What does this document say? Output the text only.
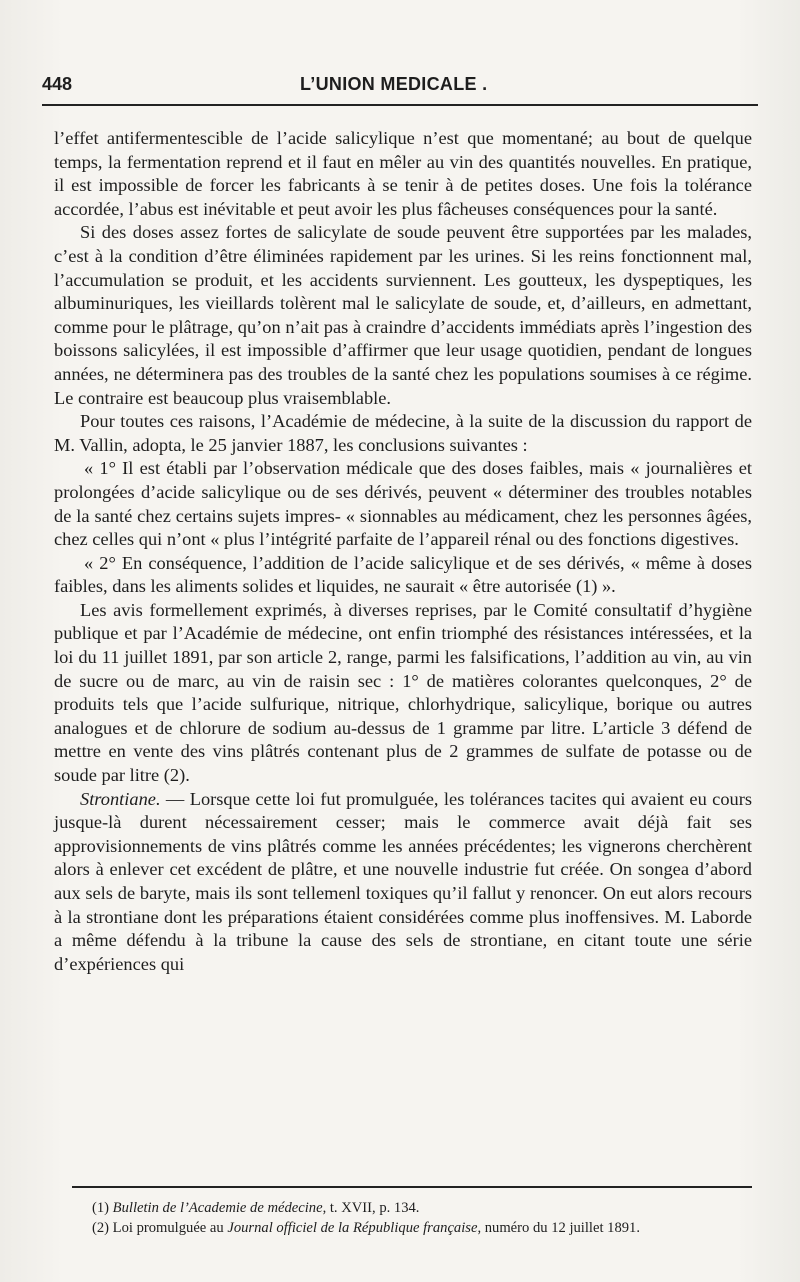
448	L’UNION MEDICALE .

l’effet antifermentescible de l’acide salicylique n’est que momentané; au bout de quelque temps, la fermentation reprend et il faut en mêler au vin des quantités nouvelles. En pratique, il est impossible de forcer les fabricants à se tenir à de petites doses. Une fois la tolérance accordée, l’abus est inévitable et peut avoir les plus fâcheuses conséquences pour la santé.

Si des doses assez fortes de salicylate de soude peuvent être supportées par les malades, c’est à la condition d’être éliminées rapidement par les urines. Si les reins fonctionnent mal, l’accumulation se produit, et les accidents surviennent. Les goutteux, les dyspeptiques, les albuminuriques, les vieillards tolèrent mal le salicylate de soude, et, d’ailleurs, en admettant, comme pour le plâtrage, qu’on n’ait pas à craindre d’accidents immédiats après l’ingestion des boissons salicylées, il est impossible d’affirmer que leur usage quotidien, pendant de longues années, ne déterminera pas des troubles de la santé chez les populations soumises à ce régime. Le contraire est beaucoup plus vraisemblable.

Pour toutes ces raisons, l’Académie de médecine, à la suite de la discussion du rapport de M. Vallin, adopta, le 25 janvier 1887, les conclusions suivantes :

« 1° Il est établi par l’observation médicale que des doses faibles, mais « journalières et prolongées d’acide salicylique ou de ses dérivés, peuvent « déterminer des troubles notables de la santé chez certains sujets impres- « sionnables au médicament, chez les personnes âgées, chez celles qui n’ont « plus l’intégrité parfaite de l’appareil rénal ou des fonctions digestives.

« 2° En conséquence, l’addition de l’acide salicylique et de ses dérivés, « même à doses faibles, dans les aliments solides et liquides, ne saurait « être autorisée (1) ».

Les avis formellement exprimés, à diverses reprises, par le Comité consultatif d’hygiène publique et par l’Académie de médecine, ont enfin triomphé des résistances intéressées, et la loi du 11 juillet 1891, par son article 2, range, parmi les falsifications, l’addition au vin, au vin de sucre ou de marc, au vin de raisin sec : 1° de matières colorantes quelconques, 2° de produits tels que l’acide sulfurique, nitrique, chlorhydrique, salicylique, borique ou autres analogues et de chlorure de sodium au-dessus de 1 gramme par litre. L’article 3 défend de mettre en vente des vins plâtrés contenant plus de 2 grammes de sulfate de potasse ou de soude par litre (2).

Strontiane. — Lorsque cette loi fut promulguée, les tolérances tacites qui avaient eu cours jusque-là durent nécessairement cesser; mais le commerce avait déjà fait ses approvisionnements de vins plâtrés comme les années précédentes; les vignerons cherchèrent alors à enlever cet excédent de plâtre, et une nouvelle industrie fut créée. On songea d’abord aux sels de baryte, mais ils sont tellemenl toxiques qu’il fallut y renoncer. On eut alors recours à la strontiane dont les préparations étaient considérées comme plus inoffensives. M. Laborde a même défendu à la tribune la cause des sels de strontiane, en citant toute une série d’expériences qui

(1) Bulletin de l’Academie de médecine, t. XVII, p. 134.

(2) Loi promulguée au Journal officiel de la République française, numéro du 12 juillet 1891.
